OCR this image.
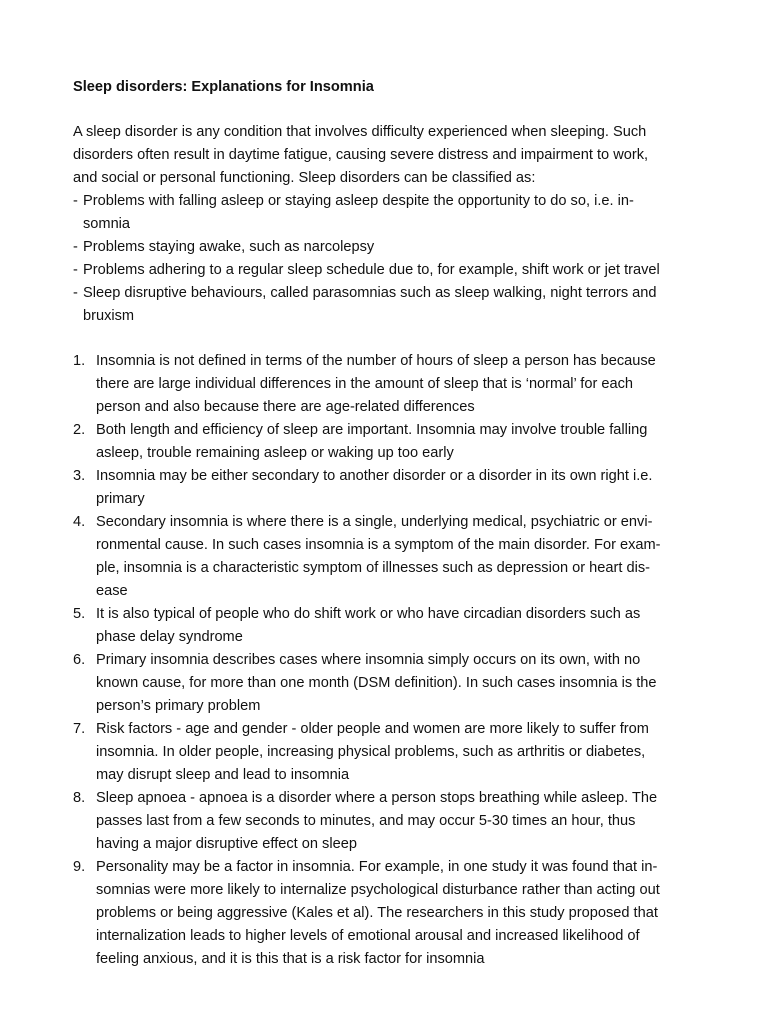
Sleep disorders: Explanations for Insomnia
A sleep disorder is any condition that involves difficulty experienced when sleeping. Such
disorders often result in daytime fatigue, causing severe distress and impairment to work,
and social or personal functioning. Sleep disorders can be classified as:
- Problems with falling asleep or staying asleep despite the opportunity to do so, i.e. in-
somnia
- Problems staying awake, such as narcolepsy
- Problems adhering to a regular sleep schedule due to, for example, shift work or jet travel
- Sleep disruptive behaviours, called parasomnias such as sleep walking, night terrors and
bruxism
1. Insomnia is not defined in terms of the number of hours of sleep a person has because
there are large individual differences in the amount of sleep that is ‘normal’ for each
person and also because there are age-related differences
2. Both length and efficiency of sleep are important. Insomnia may involve trouble falling
asleep, trouble remaining asleep or waking up too early
3. Insomnia may be either secondary to another disorder or a disorder in its own right i.e.
primary
4. Secondary insomnia is where there is a single, underlying medical, psychiatric or envi-
ronmental cause. In such cases insomnia is a symptom of the main disorder. For exam-
ple, insomnia is a characteristic symptom of illnesses such as depression or heart dis-
ease
5. It is also typical of people who do shift work or who have circadian disorders such as
phase delay syndrome
6. Primary insomnia describes cases where insomnia simply occurs on its own, with no
known cause, for more than one month (DSM definition). In such cases insomnia is the
person’s primary problem
7. Risk factors - age and gender - older people and women are more likely to suffer from
insomnia. In older people, increasing physical problems, such as arthritis or diabetes,
may disrupt sleep and lead to insomnia
8. Sleep apnoea - apnoea is a disorder where a person stops breathing while asleep. The
passes last from a few seconds to minutes, and may occur 5-30 times an hour, thus
having a major disruptive effect on sleep
9. Personality may be a factor in insomnia. For example, in one study it was found that in-
somnias were more likely to internalize psychological disturbance rather than acting out
problems or being aggressive (Kales et al). The researchers in this study proposed that
internalization leads to higher levels of emotional arousal and increased likelihood of
feeling anxious, and it is this that is a risk factor for insomnia
